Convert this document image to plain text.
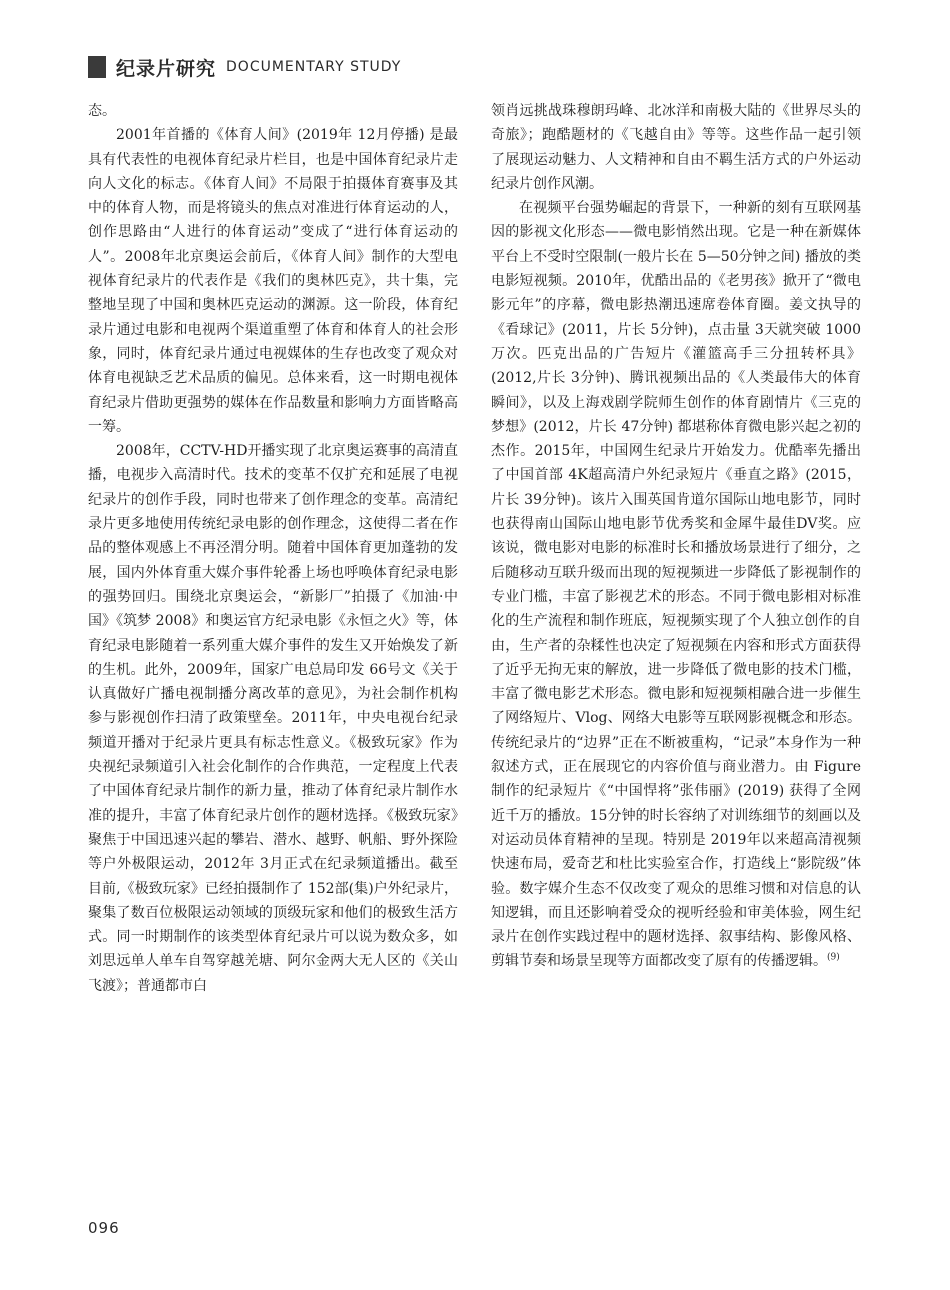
纪录片研究 DOCUMENTARY STUDY

态。

2001年首播的《体育人间》(2019年 12月停播) 是最具有代表性的电视体育纪录片栏目，也是中国体育纪录片走向人文化的标志。《体育人间》不局限于拍摄体育赛事及其中的体育人物，而是将镜头的焦点对准进行体育运动的人，创作思路由“人进行的体育运动”变成了“进行体育运动的人”。2008年北京奥运会前后，《体育人间》制作的大型电视体育纪录片的代表作是《我们的奥林匹克》，共十集，完整地呈现了中国和奥林匹克运动的渊源。这一阶段，体育纪录片通过电影和电视两个渠道重塑了体育和体育人的社会形象，同时，体育纪录片通过电视媒体的生存也改变了观众对体育电视缺乏艺术品质的偏见。总体来看，这一时期电视体育纪录片借助更强势的媒体在作品数量和影响力方面皆略高一筹。

2008年，CCTV-HD开播实现了北京奥运赛事的高清直播，电视步入高清时代。技术的变革不仅扩充和延展了电视纪录片的创作手段，同时也带来了创作理念的变革。高清纪录片更多地使用传统纪录电影的创作理念，这使得二者在作品的整体观感上不再泾渭分明。随着中国体育更加蓬勃的发展，国内外体育重大媒介事件轮番上场也呼唤体育纪录电影的强势回归。围绕北京奥运会，“新影厂”拍摄了《加油·中国》《筑梦 2008》和奥运官方纪录电影《永恒之火》等，体育纪录电影随着一系列重大媒介事件的发生又开始焕发了新的生机。此外，2009年，国家广电总局印发 66号文《关于认真做好广播电视制播分离改革的意见》，为社会制作机构参与影视创作扫清了政策壁垒。2011年，中央电视台纪录频道开播对于纪录片更具有标志性意义。《极致玩家》作为央视纪录频道引入社会化制作的合作典范，一定程度上代表了中国体育纪录片制作的新力量，推动了体育纪录片制作水准的提升，丰富了体育纪录片创作的题材选择。《极致玩家》聚焦于中国迅速兴起的攀岩、潜水、越野、帆船、野外探险等户外极限运动，2012年 3月正式在纪录频道播出。截至目前,《极致玩家》已经拍摄制作了 152部(集)户外纪录片，聚集了数百位极限运动领域的顶级玩家和他们的极致生活方式。同一时期制作的该类型体育纪录片可以说为数众多，如刘思远单人单车自驾穿越羌塘、阿尔金两大无人区的《关山飞渡》；普通都市白

领肖远挑战珠穆朗玛峰、北冰洋和南极大陆的《世界尽头的奇旅》；跑酷题材的《飞越自由》等等。这些作品一起引领了展现运动魅力、人文精神和自由不羁生活方式的户外运动纪录片创作风潮。

在视频平台强势崛起的背景下，一种新的刻有互联网基因的影视文化形态——微电影悄然出现。它是一种在新媒体平台上不受时空限制(一般片长在 5—50分钟之间) 播放的类电影短视频。2010年，优酷出品的《老男孩》掀开了“微电影元年”的序幕，微电影热潮迅速席卷体育圈。姜文执导的《看球记》(2011，片长 5分钟)，点击量 3天就突破 1000万次。匹克出品的广告短片《灌篮高手三分扭转杯具》(2012,片长 3分钟)、腾讯视频出品的《人类最伟大的体育瞬间》，以及上海戏剧学院师生创作的体育剧情片《三克的梦想》(2012，片长 47分钟) 都堪称体育微电影兴起之初的杰作。2015年，中国网生纪录片开始发力。优酷率先播出了中国首部 4K超高清户外纪录短片《垂直之路》(2015，片长 39分钟)。该片入围英国肯道尔国际山地电影节，同时也获得南山国际山地电影节优秀奖和金犀牛最佳DV奖。应该说，微电影对电影的标准时长和播放场景进行了细分，之后随移动互联升级而出现的短视频进一步降低了影视制作的专业门槛，丰富了影视艺术的形态。不同于微电影相对标准化的生产流程和制作班底，短视频实现了个人独立创作的自由，生产者的杂糅性也决定了短视频在内容和形式方面获得了近乎无拘无束的解放，进一步降低了微电影的技术门槛，丰富了微电影艺术形态。微电影和短视频相融合进一步催生了网络短片、Vlog、网络大电影等互联网影视概念和形态。传统纪录片的“边界”正在不断被重构，“记录”本身作为一种叙述方式，正在展现它的内容价值与商业潜力。由 Figure制作的纪录短片《“中国悍将”张伟丽》(2019) 获得了全网近千万的播放。15分钟的时长容纳了对训练细节的刻画以及对运动员体育精神的呈现。特别是 2019年以来超高清视频快速布局，爱奇艺和杜比实验室合作，打造线上“影院级”体验。数字媒介生态不仅改变了观众的思维习惯和对信息的认知逻辑，而且还影响着受众的视听经验和审美体验，网生纪录片在创作实践过程中的题材选择、叙事结构、影像风格、剪辑节奏和场景呈现等方面都改变了原有的传播逻辑。$^{(9)}$

096
